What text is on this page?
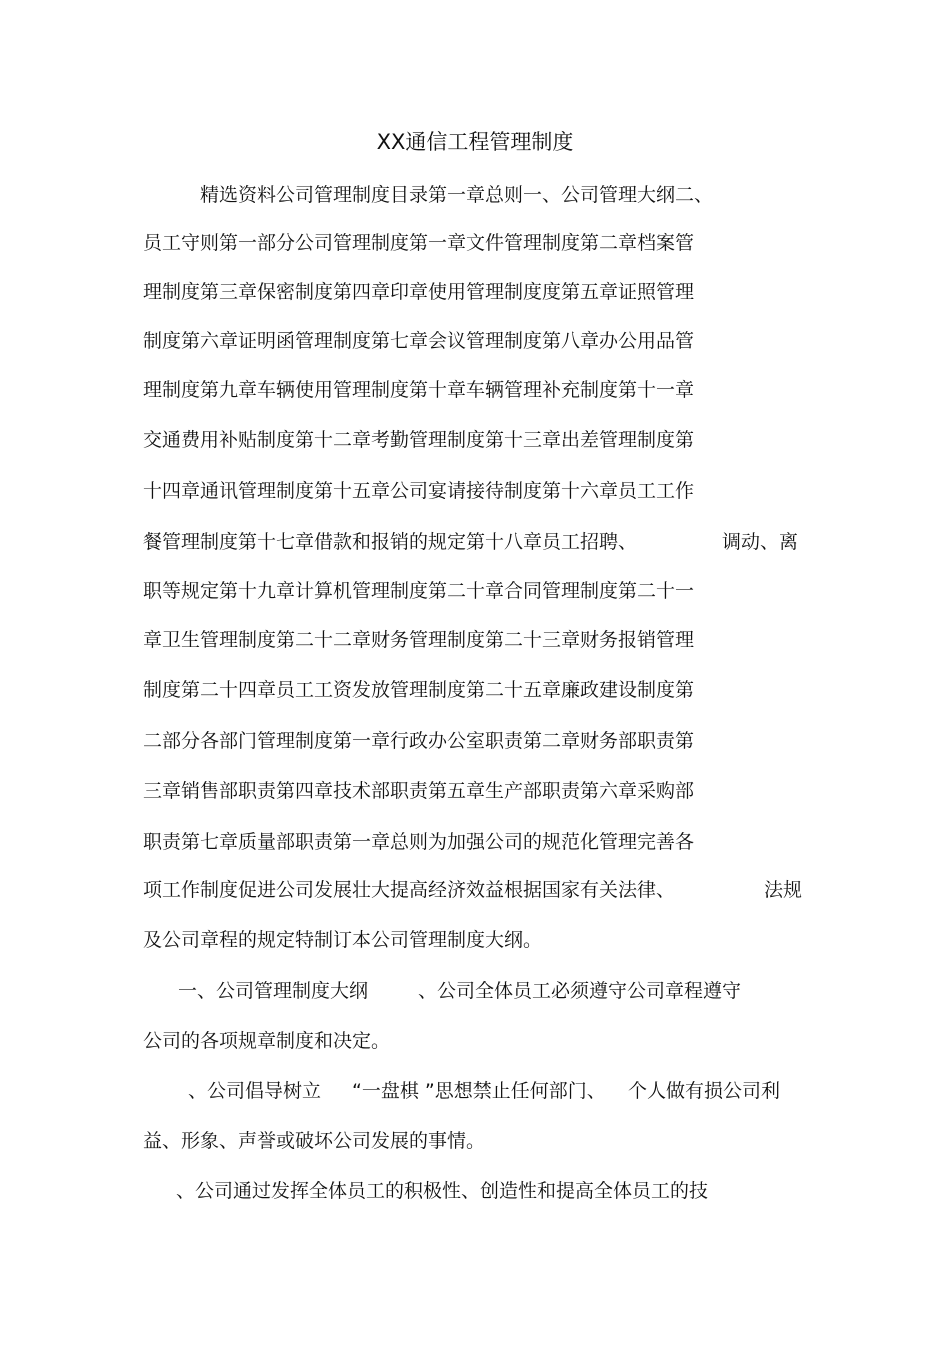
XX通信工程管理制度
精选资料公司管理制度目录第一章总则一、公司管理大纲二、
员工守则第一部分公司管理制度第一章文件管理制度第二章档案管
理制度第三章保密制度第四章印章使用管理制度度第五章证照管理
制度第六章证明函管理制度第七章会议管理制度第八章办公用品管
理制度第九章车辆使用管理制度第十章车辆管理补充制度第十一章
交通费用补贴制度第十二章考勤管理制度第十三章出差管理制度第
十四章通讯管理制度第十五章公司宴请接待制度第十六章员工工作
餐管理制度第十七章借款和报销的规定第十八章员工招聘、	调动、离
职等规定第十九章计算机管理制度第二十章合同管理制度第二十一
章卫生管理制度第二十二章财务管理制度第二十三章财务报销管理
制度第二十四章员工工资发放管理制度第二十五章廉政建设制度第
二部分各部门管理制度第一章行政办公室职责第二章财务部职责第
三章销售部职责第四章技术部职责第五章生产部职责第六章采购部
职责第七章质量部职责第一章总则为加强公司的规范化管理完善各
项工作制度促进公司发展壮大提高经济效益根据国家有关法律、	法规
及公司章程的规定特制订本公司管理制度大纲。
一、公司管理制度大纲	、公司全体员工必须遵守公司章程遵守
公司的各项规章制度和决定。
、公司倡导树立 “一盘棋 ”思想禁止任何部门、 个人做有损公司利
益、形象、声誉或破坏公司发展的事情。
、公司通过发挥全体员工的积极性、创造性和提高全体员工的技
